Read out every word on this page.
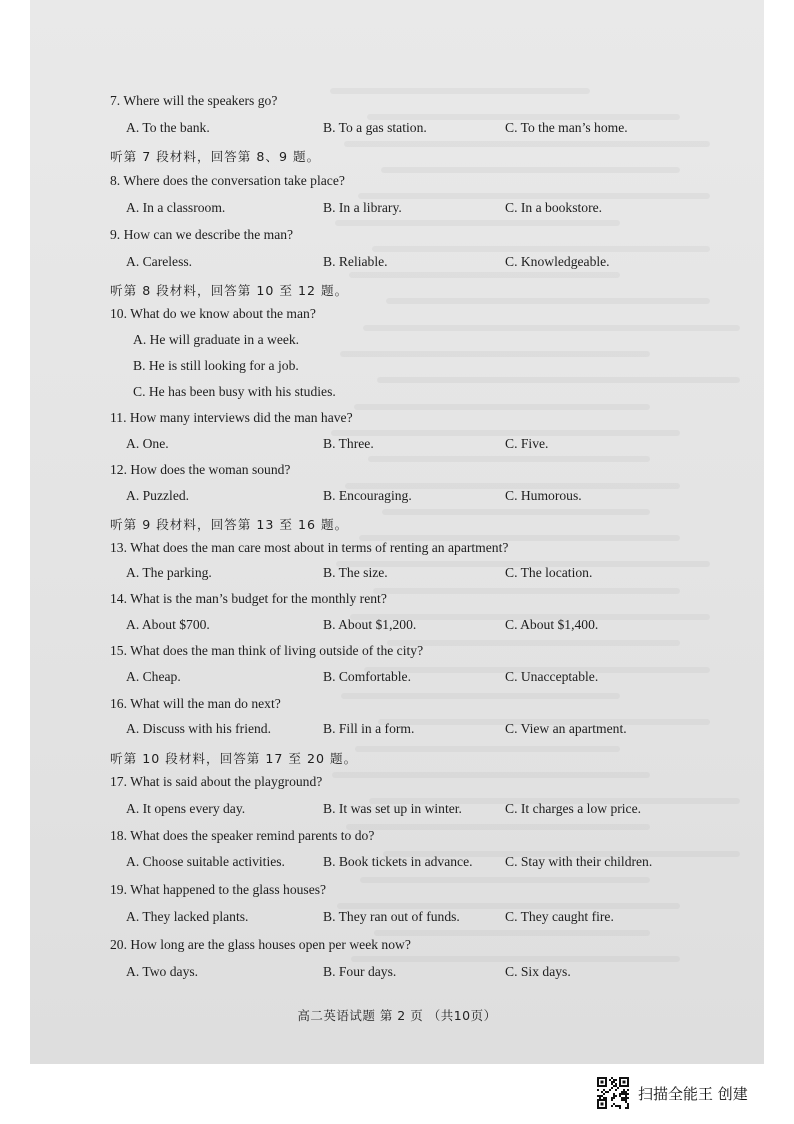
7. Where will the speakers go?
A. To the bank.	B. To a gas station.	C. To the man’s home.
听第 7 段材料，回答第 8、9 题。
8. Where does the conversation take place?
A. In a classroom.	B. In a library.	C. In a bookstore.
9. How can we describe the man?
A. Careless.	B. Reliable.	C. Knowledgeable.
听第 8 段材料，回答第 10 至 12 题。
10. What do we know about the man?
A. He will graduate in a week.
B. He is still looking for a job.
C. He has been busy with his studies.
11. How many interviews did the man have?
A. One.	B. Three.	C. Five.
12. How does the woman sound?
A. Puzzled.	B. Encouraging.	C. Humorous.
听第 9 段材料，回答第 13 至 16 题。
13. What does the man care most about in terms of renting an apartment?
A. The parking.	B. The size.	C. The location.
14. What is the man’s budget for the monthly rent?
A. About $700.	B. About $1,200.	C. About $1,400.
15. What does the man think of living outside of the city?
A. Cheap.	B. Comfortable.	C. Unacceptable.
16. What will the man do next?
A. Discuss with his friend.	B. Fill in a form.	C. View an apartment.
听第 10 段材料，回答第 17 至 20 题。
17. What is said about the playground?
A. It opens every day.	B. It was set up in winter.	C. It charges a low price.
18. What does the speaker remind parents to do?
A. Choose suitable activities.	B. Book tickets in advance. C. Stay with their children.
19. What happened to the glass houses?
A. They lacked plants.	B. They ran out of funds.	C. They caught fire.
20. How long are the glass houses open per week now?
A. Two days.	B. Four days.	C. Six days.
高二英语试题 第 2 页 （共10页）
扫描全能王 创建
